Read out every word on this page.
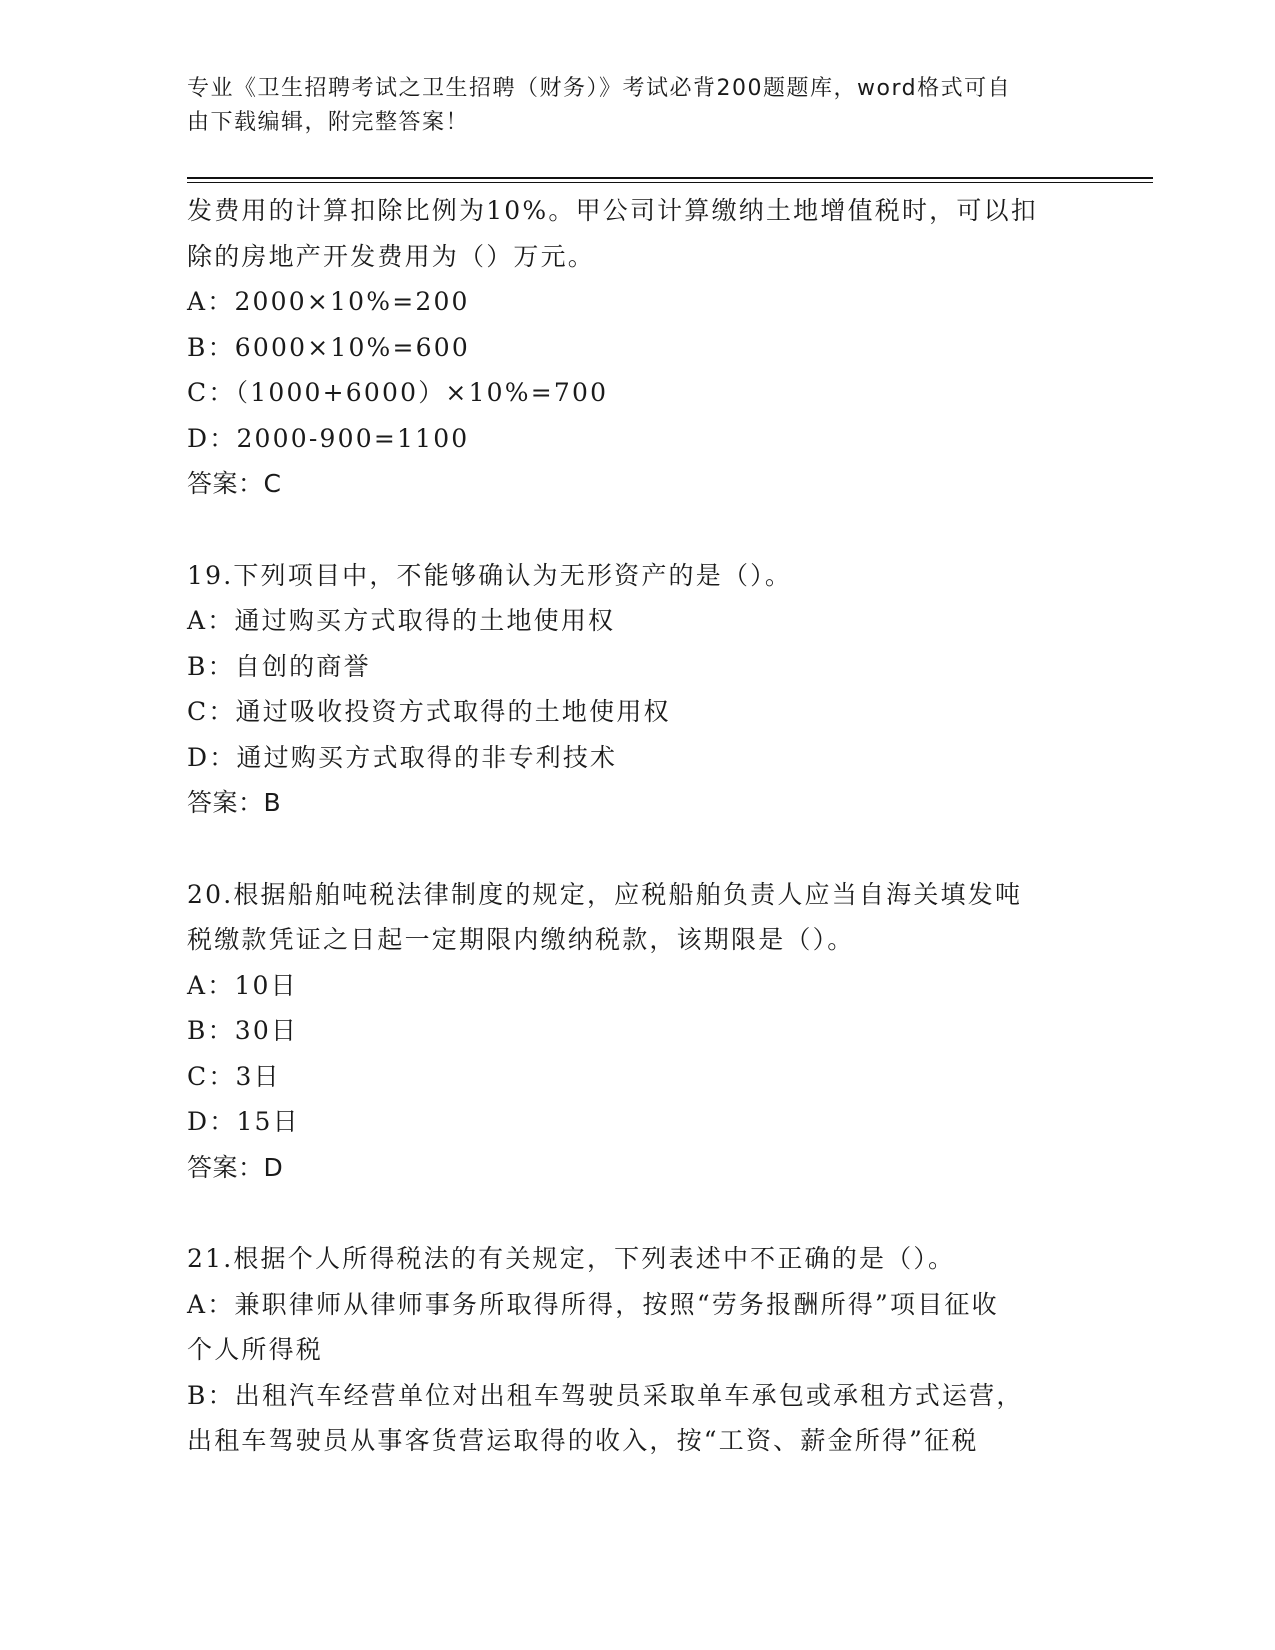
专业《卫生招聘考试之卫生招聘（财务）》考试必背200题题库，word格式可自
由下载编辑，附完整答案！

发费用的计算扣除比例为10%。甲公司计算缴纳土地增值税时，可以扣

除的房地产开发费用为（）万元。

A：2000×10%=200

B：6000×10%=600

C：（1000+6000）×10%=700

D：2000-900=1100

答案：C

19.下列项目中，不能够确认为无形资产的是（）。

A：通过购买方式取得的土地使用权

B：自创的商誉

C：通过吸收投资方式取得的土地使用权

D：通过购买方式取得的非专利技术

答案：B

20.根据船舶吨税法律制度的规定，应税船舶负责人应当自海关填发吨

税缴款凭证之日起一定期限内缴纳税款，该期限是（）。

A：10日

B：30日

C：3日

D：15日

答案：D

21.根据个人所得税法的有关规定，下列表述中不正确的是（）。

A：兼职律师从律师事务所取得所得，按照“劳务报酬所得”项目征收

个人所得税

B：出租汽车经营单位对出租车驾驶员采取单车承包或承租方式运营，

出租车驾驶员从事客货营运取得的收入，按“工资、薪金所得”征税
